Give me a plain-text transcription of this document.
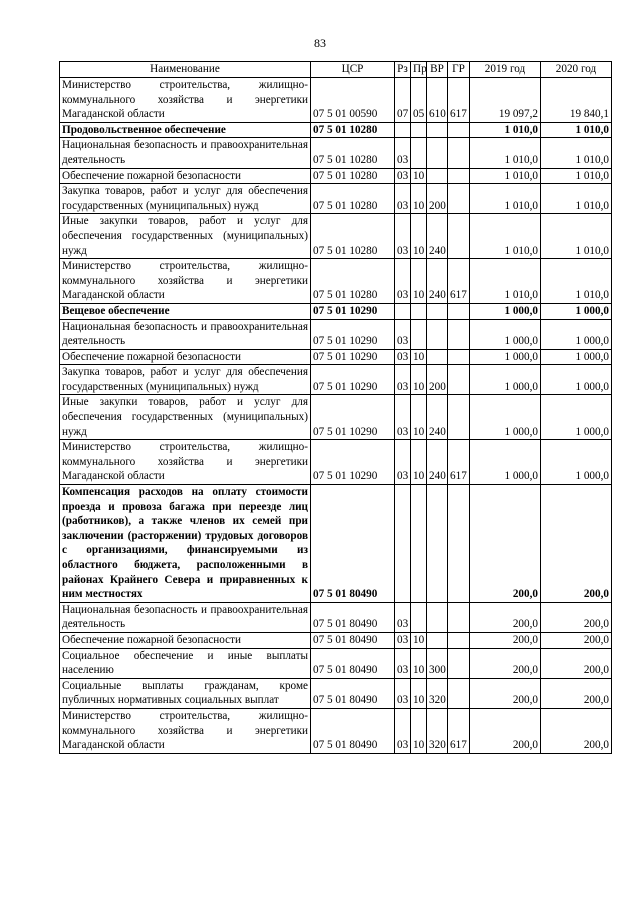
83
Наименование	ЦСР	Рз	Пр	ВР	ГР	2019 год	2020 год
Министерство строительства, жилищно-коммунального хозяйства и энергетики Магаданской области	07 5 01 00590	07	05	610	617	19 097,2	19 840,1
Продовольственное обеспечение	07 5 01 10280					1 010,0	1 010,0
Национальная безопасность и правоохранительная деятельность	07 5 01 10280	03				1 010,0	1 010,0
Обеспечение пожарной безопасности	07 5 01 10280	03	10			1 010,0	1 010,0
Закупка товаров, работ и услуг для обеспечения государственных (муниципальных) нужд	07 5 01 10280	03	10	200		1 010,0	1 010,0
Иные закупки товаров, работ и услуг для обеспечения государственных (муниципальных) нужд	07 5 01 10280	03	10	240		1 010,0	1 010,0
Министерство строительства, жилищно-коммунального хозяйства и энергетики Магаданской области	07 5 01 10280	03	10	240	617	1 010,0	1 010,0
Вещевое обеспечение	07 5 01 10290					1 000,0	1 000,0
Национальная безопасность и правоохранительная деятельность	07 5 01 10290	03				1 000,0	1 000,0
Обеспечение пожарной безопасности	07 5 01 10290	03	10			1 000,0	1 000,0
Закупка товаров, работ и услуг для обеспечения государственных (муниципальных) нужд	07 5 01 10290	03	10	200		1 000,0	1 000,0
Иные закупки товаров, работ и услуг для обеспечения государственных (муниципальных) нужд	07 5 01 10290	03	10	240		1 000,0	1 000,0
Министерство строительства, жилищно-коммунального хозяйства и энергетики Магаданской области	07 5 01 10290	03	10	240	617	1 000,0	1 000,0
Компенсация расходов на оплату стоимости проезда и провоза багажа при переезде лиц (работников), а также членов их семей при заключении (расторжении) трудовых договоров с организациями, финансируемыми из областного бюджета, расположенными в районах Крайнего Севера и приравненных к ним местностях	07 5 01 80490					200,0	200,0
Национальная безопасность и правоохранительная деятельность	07 5 01 80490	03				200,0	200,0
Обеспечение пожарной безопасности	07 5 01 80490	03	10			200,0	200,0
Социальное обеспечение и иные выплаты населению	07 5 01 80490	03	10	300		200,0	200,0
Социальные выплаты гражданам, кроме публичных нормативных социальных выплат	07 5 01 80490	03	10	320		200,0	200,0
Министерство строительства, жилищно-коммунального хозяйства и энергетики Магаданской области	07 5 01 80490	03	10	320	617	200,0	200,0
